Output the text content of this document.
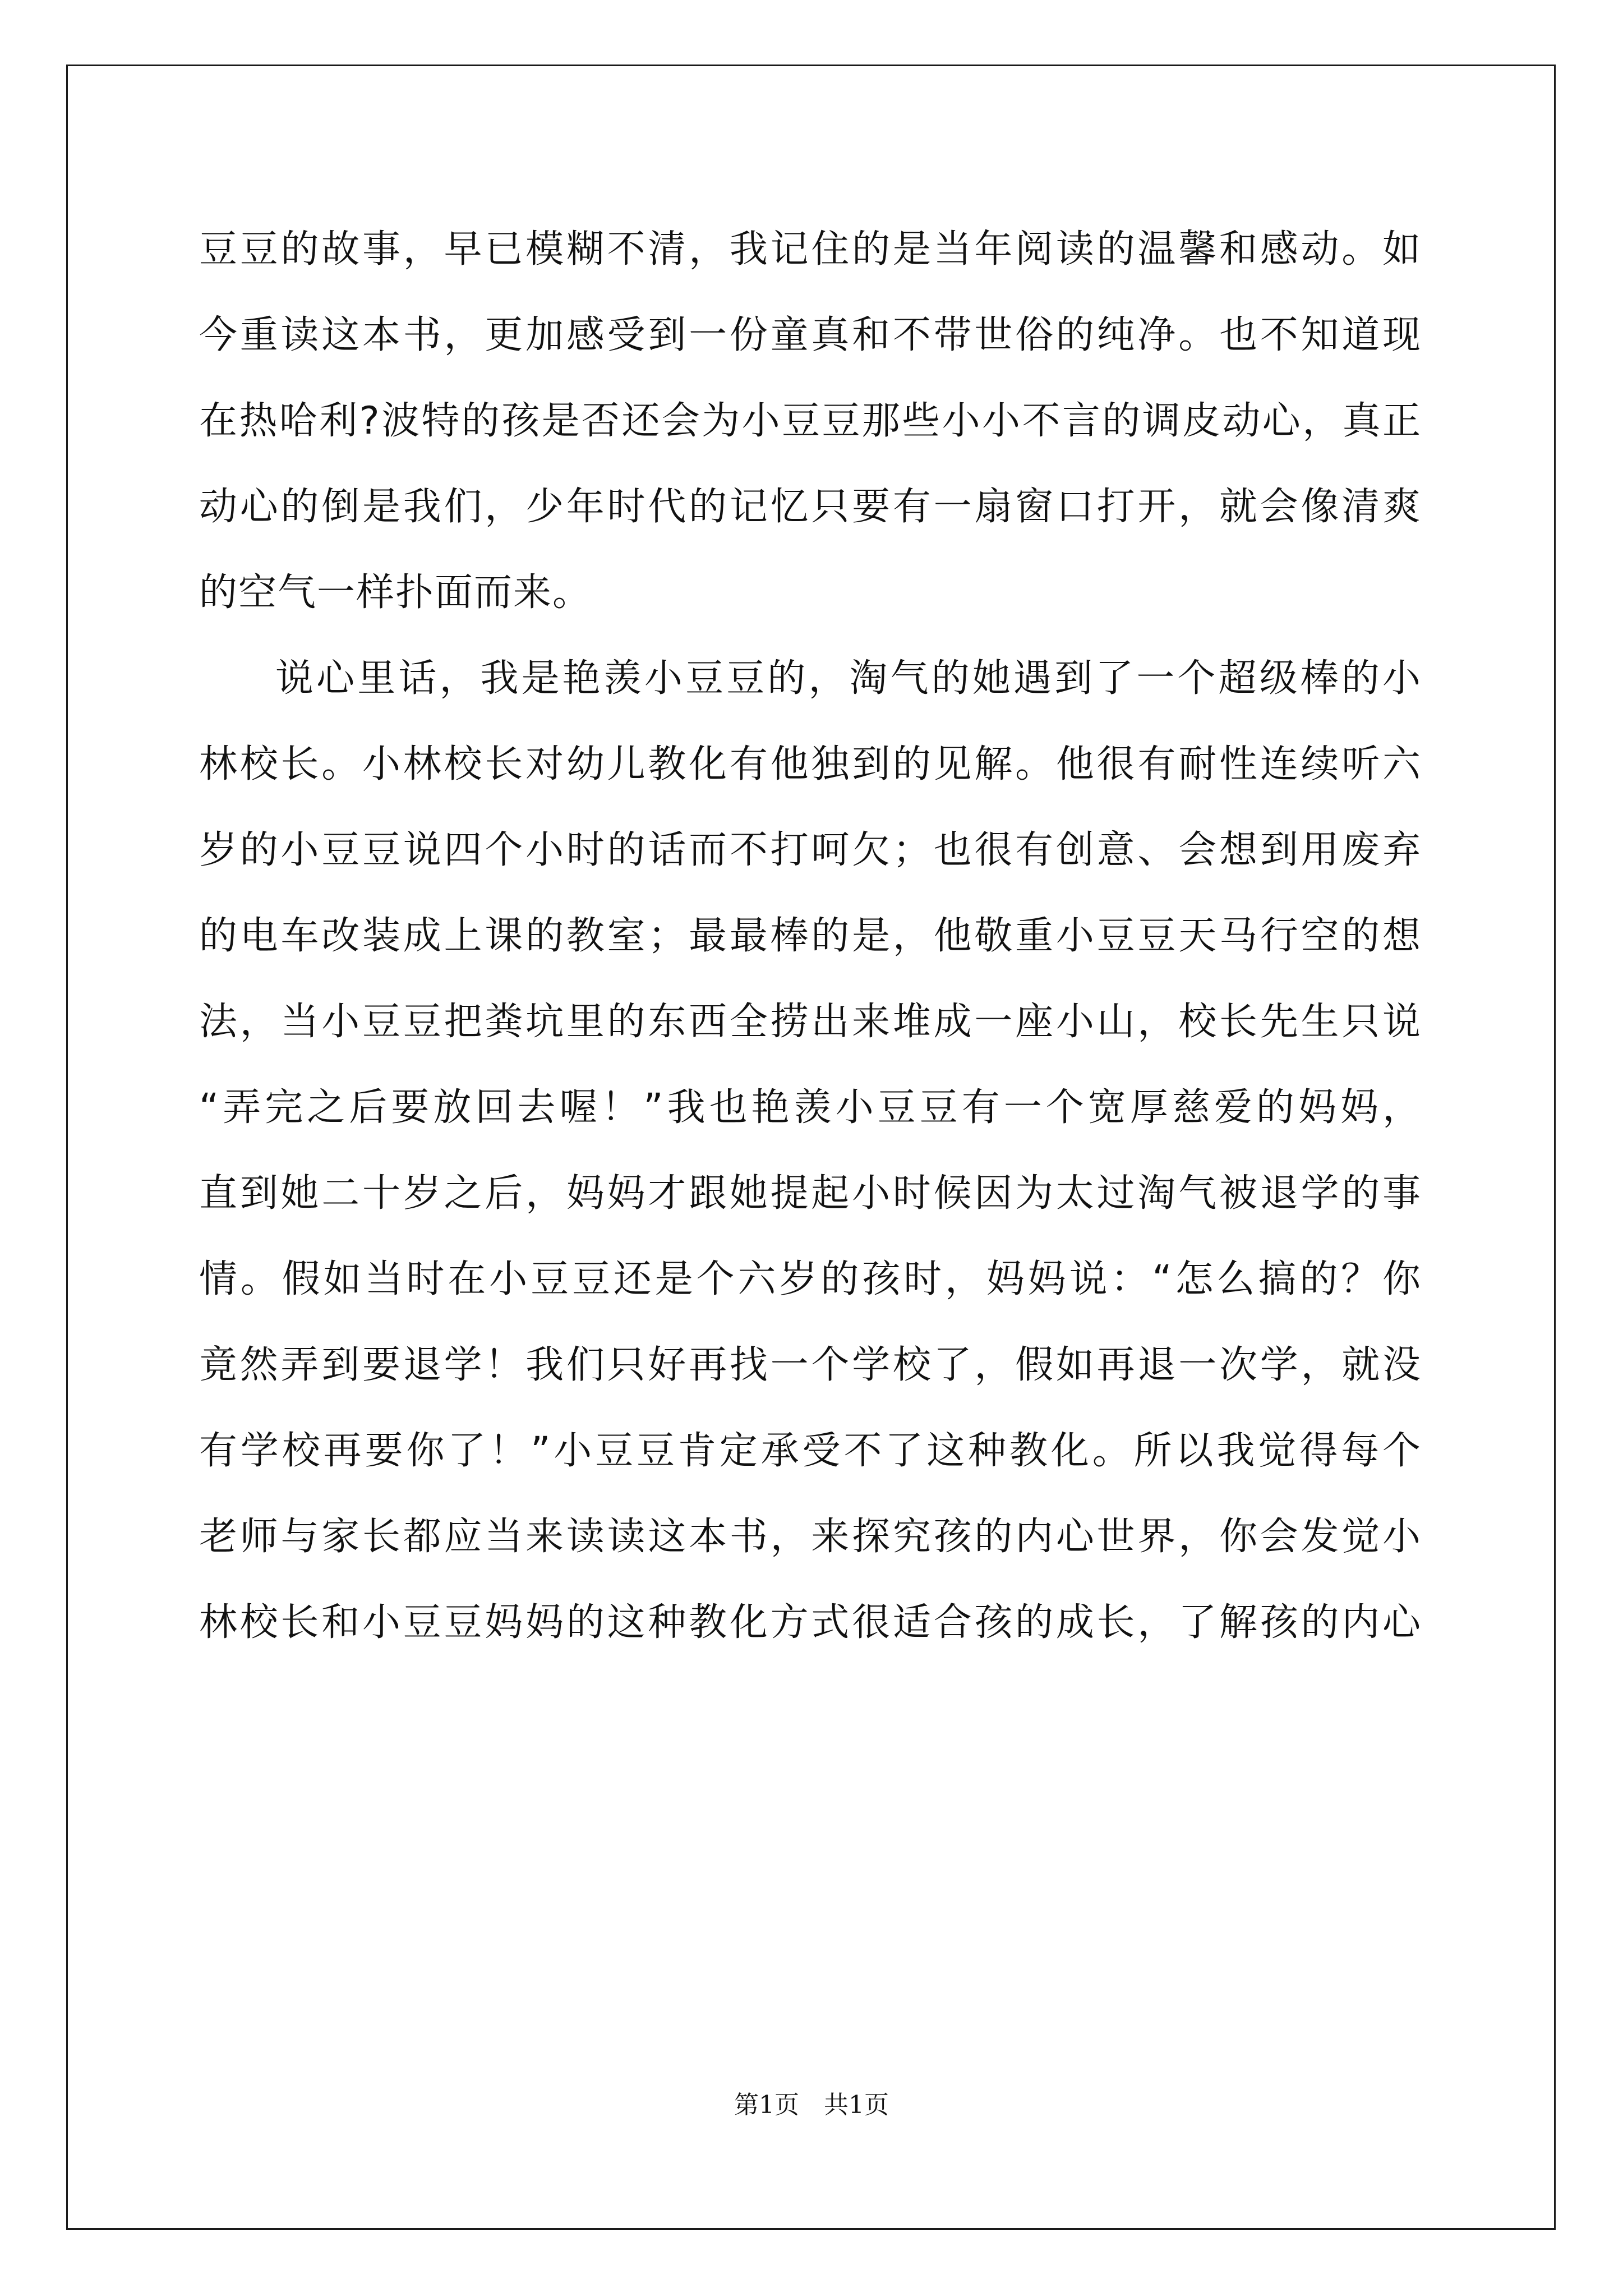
豆豆的故事，早已模糊不清，我记住的是当年阅读的温馨和感动。如
今重读这本书，更加感受到一份童真和不带世俗的纯净。也不知道现
在热哈利?波特的孩是否还会为小豆豆那些小小不言的调皮动心，真正
动心的倒是我们，少年时代的记忆只要有一扇窗口打开，就会像清爽
的空气一样扑面而来。
说心里话，我是艳羡小豆豆的，淘气的她遇到了一个超级棒的小
林校长。小林校长对幼儿教化有他独到的见解。他很有耐性连续听六
岁的小豆豆说四个小时的话而不打呵欠；也很有创意、会想到用废弃
的电车改装成上课的教室；最最棒的是，他敬重小豆豆天马行空的想
法，当小豆豆把粪坑里的东西全捞出来堆成一座小山，校长先生只说
“弄完之后要放回去喔！”我也艳羡小豆豆有一个宽厚慈爱的妈妈，
直到她二十岁之后，妈妈才跟她提起小时候因为太过淘气被退学的事
情。假如当时在小豆豆还是个六岁的孩时，妈妈说：“怎么搞的？你
竟然弄到要退学！我们只好再找一个学校了，假如再退一次学，就没
有学校再要你了！”小豆豆肯定承受不了这种教化。所以我觉得每个
老师与家长都应当来读读这本书，来探究孩的内心世界，你会发觉小
林校长和小豆豆妈妈的这种教化方式很适合孩的成长，了解孩的内心
第1页 共1页
